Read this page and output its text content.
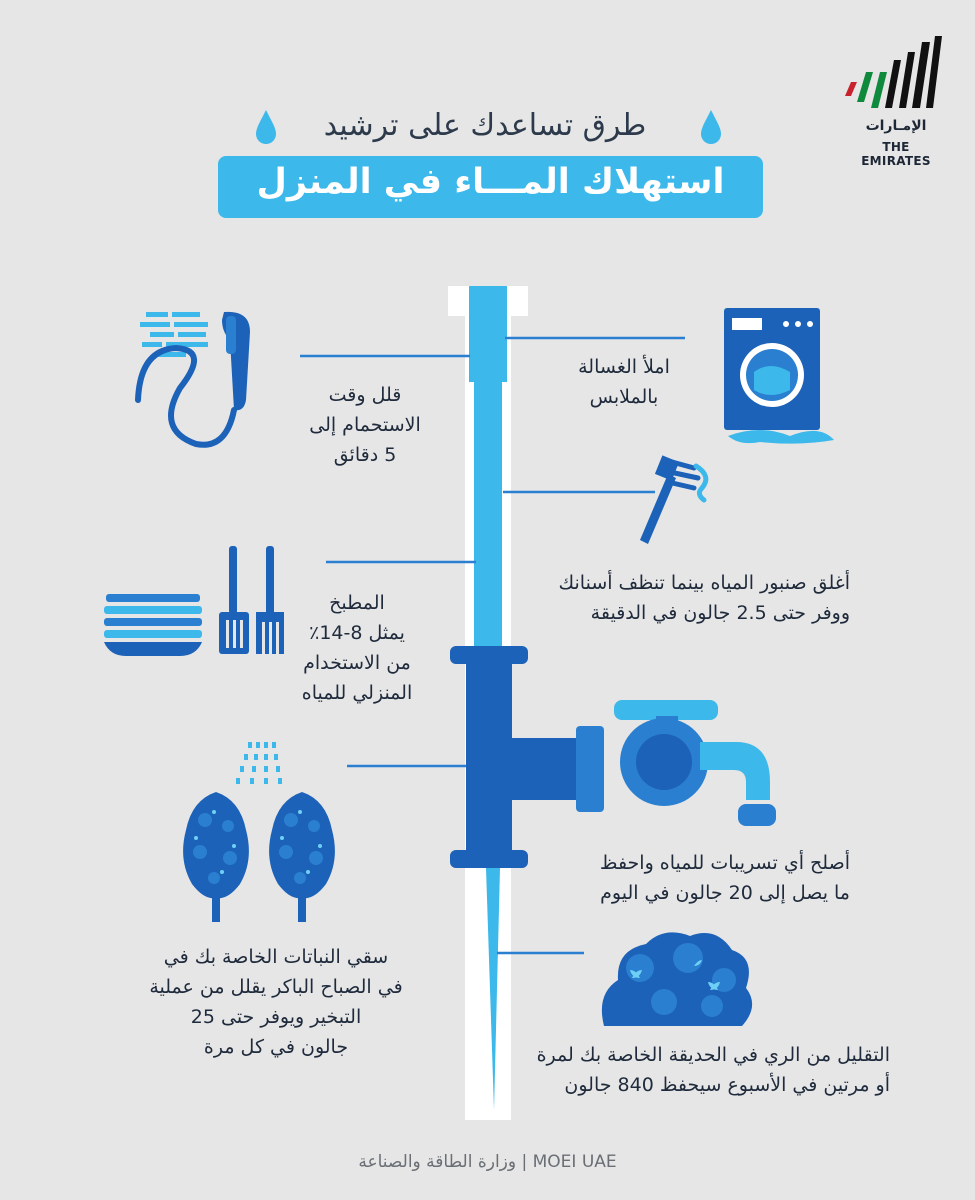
طرق تساعدك على ترشيد
استهلاك المـــاء في المنزل
الإمـارات
THE EMIRATES
املأ الغسالة
بالملابس
قلل وقت
الاستحمام إلى
5 دقائق
أغلق صنبور المياه بينما تنظف أسنانك
ووفر حتى 2.5 جالون في الدقيقة
المطبخ
يمثل 8-14٪
من الاستخدام
المنزلي للمياه
أصلح أي تسريبات للمياه واحفظ
ما يصل إلى 20 جالون في اليوم
سقي النباتات الخاصة بك في
في الصباح الباكر يقلل من عملية
التبخير ويوفر حتى 25
جالون في كل مرة	التقليل من الري في الحديقة الخاصة بك لمرة
أو مرتين في الأسبوع سيحفظ 840 جالون
وزارة الطاقة والصناعة | MOEI UAE
